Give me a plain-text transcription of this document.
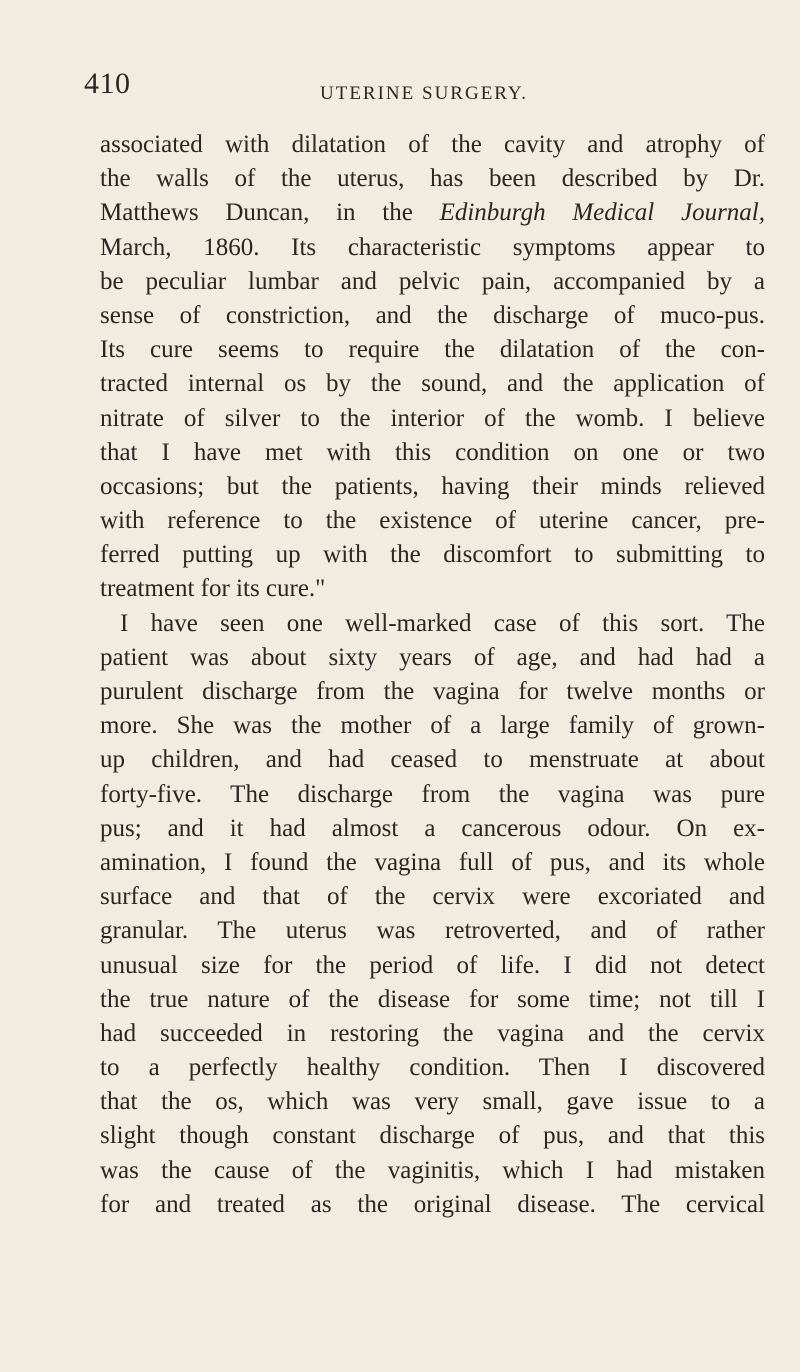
410	UTERINE SURGERY.
associated with dilatation of the cavity and atrophy of
the walls of the uterus, has been described by Dr.
Matthews Duncan, in the Edinburgh Medical Journal,
March, 1860. Its characteristic symptoms appear to
be peculiar lumbar and pelvic pain, accompanied by a
sense of constriction, and the discharge of muco-pus.
Its cure seems to require the dilatation of the con-
tracted internal os by the sound, and the application of
nitrate of silver to the interior of the womb. I believe
that I have met with this condition on one or two
occasions; but the patients, having their minds relieved
with reference to the existence of uterine cancer, pre-
ferred putting up with the discomfort to submitting to
treatment for its cure."
I have seen one well-marked case of this sort. The
patient was about sixty years of age, and had had a
purulent discharge from the vagina for twelve months or
more. She was the mother of a large family of grown-
up children, and had ceased to menstruate at about
forty-five. The discharge from the vagina was pure
pus; and it had almost a cancerous odour. On ex-
amination, I found the vagina full of pus, and its whole
surface and that of the cervix were excoriated and
granular. The uterus was retroverted, and of rather
unusual size for the period of life. I did not detect
the true nature of the disease for some time; not till I
had succeeded in restoring the vagina and the cervix
to a perfectly healthy condition. Then I discovered
that the os, which was very small, gave issue to a
slight though constant discharge of pus, and that this
was the cause of the vaginitis, which I had mistaken
for and treated as the original disease. The cervical
